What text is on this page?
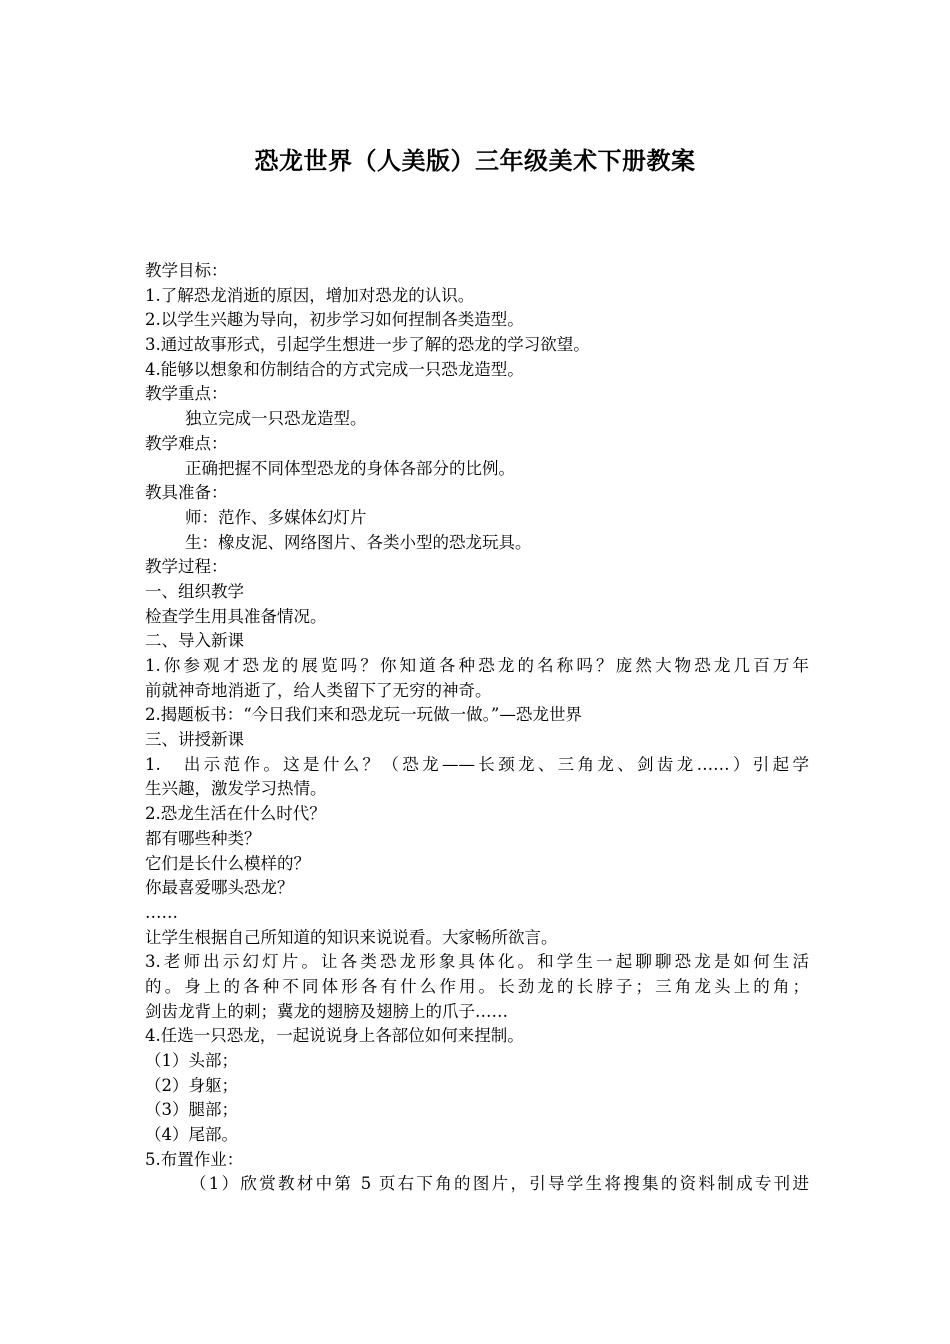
恐龙世界（人美版）三年级美术下册教案
教学目标：
1.了解恐龙消逝的原因，增加对恐龙的认识。
2.以学生兴趣为导向，初步学习如何捏制各类造型。
3.通过故事形式，引起学生想进一步了解的恐龙的学习欲望。
4.能够以想象和仿制结合的方式完成一只恐龙造型。
教学重点：
独立完成一只恐龙造型。
教学难点：
正确把握不同体型恐龙的身体各部分的比例。
教具准备：
师：范作、多媒体幻灯片
生：橡皮泥、网络图片、各类小型的恐龙玩具。
教学过程：
一、组织教学
检查学生用具准备情况。
二、导入新课
1.你参观才恐龙的展览吗？你知道各种恐龙的名称吗？庞然大物恐龙几百万年
前就神奇地消逝了，给人类留下了无穷的神奇。
2.揭题板书：“今日我们来和恐龙玩一玩做一做。”—恐龙世界
三、讲授新课
1.　出示范作。这是什么？（恐龙——长颈龙、三角龙、剑齿龙……）引起学
生兴趣，激发学习热情。
2.恐龙生活在什么时代？
都有哪些种类？
它们是长什么模样的？
你最喜爱哪头恐龙？
……
让学生根据自己所知道的知识来说说看。大家畅所欲言。
3.老师出示幻灯片。让各类恐龙形象具体化。和学生一起聊聊恐龙是如何生活
的。身上的各种不同体形各有什么作用。长劲龙的长脖子；三角龙头上的角；
剑齿龙背上的刺；冀龙的翅膀及翅膀上的爪子……
4.任选一只恐龙，一起说说身上各部位如何来捏制。
（1）头部；
（2）身躯；
（3）腿部；
（4）尾部。
5.布置作业：
（1）欣赏教材中第 5 页右下角的图片，引导学生将搜集的资料制成专刊进
